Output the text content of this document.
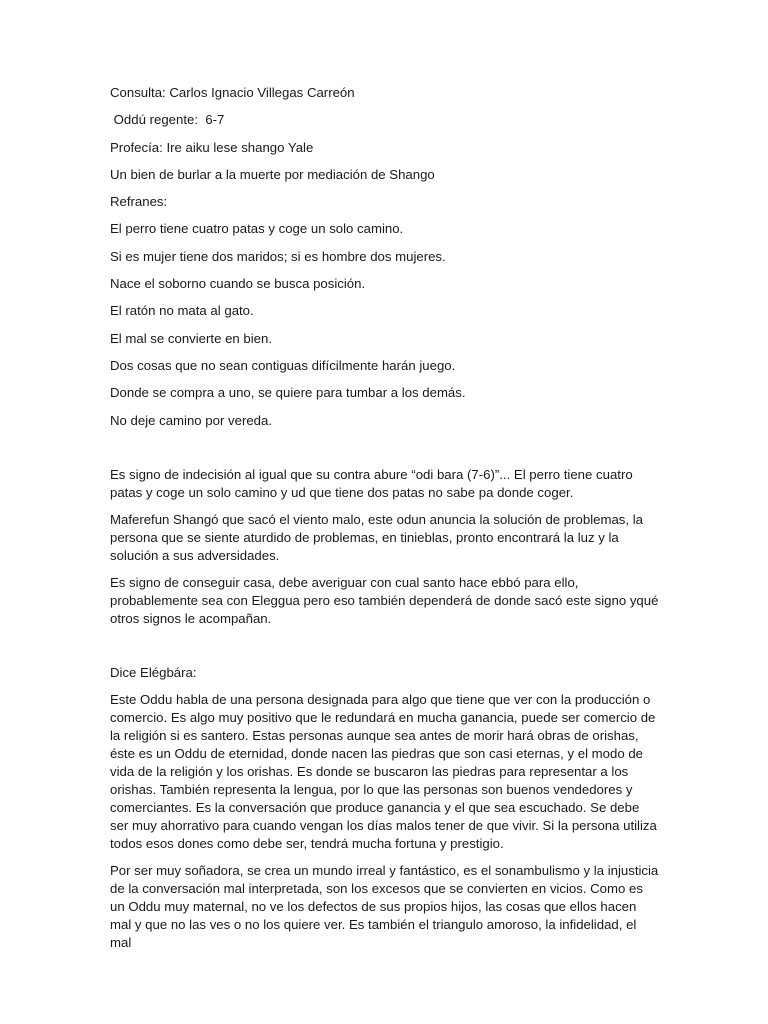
Consulta: Carlos Ignacio Villegas Carreón
Oddú regente:  6-7
Profecía: Ire aiku lese shango Yale
Un bien de burlar a la muerte por mediación de Shango
Refranes:
El perro tiene cuatro patas y coge un solo camino.
Si es mujer tiene dos maridos; si es hombre dos mujeres.
Nace el soborno cuando se busca posición.
El ratón no mata al gato.
El mal se convierte en bien.
Dos cosas que no sean contiguas difícilmente harán juego.
Donde se compra a uno, se quiere para tumbar a los demás.
No deje camino por vereda.
Es signo de indecisión al igual que su contra abure “odi bara (7-6)”... El perro tiene cuatro patas y coge un solo camino y ud que tiene dos patas no sabe pa donde coger.
Maferefun Shangó que sacó el viento malo, este odun anuncia la solución de problemas, la persona que se siente aturdido de problemas, en tinieblas, pronto encontrará la luz y la solución a sus adversidades.
Es signo de conseguir casa, debe averiguar con cual santo hace ebbó para ello, probablemente sea con Eleggua pero eso también dependerá de donde sacó este signo yqué otros signos le acompañan.
Dice Elégbára:
Este Oddu habla de una persona designada para algo que tiene que ver con la producción o comercio. Es algo muy positivo que le redundará en mucha ganancia, puede ser comercio de la religión si es santero. Estas personas aunque sea antes de morir hará obras de orishas, éste es un Oddu de eternidad, donde nacen las piedras que son casi eternas, y el modo de vida de la religión y los orishas. Es donde se buscaron las piedras para representar a los orishas. También representa la lengua, por lo que las personas son buenos vendedores y comerciantes. Es la conversación que produce ganancia y el que sea escuchado. Se debe ser muy ahorrativo para cuando vengan los días malos tener de que vivir. Si la persona utiliza todos esos dones como debe ser, tendrá mucha fortuna y prestigio.
Por ser muy soñadora, se crea un mundo irreal y fantástico, es el sonambulismo y la injusticia de la conversación mal interpretada, son los excesos que se convierten en vicios. Como es un Oddu muy maternal, no ve los defectos de sus propios hijos, las cosas que ellos hacen mal y que no las ves o no los quiere ver. Es también el triangulo amoroso, la infidelidad, el mal
